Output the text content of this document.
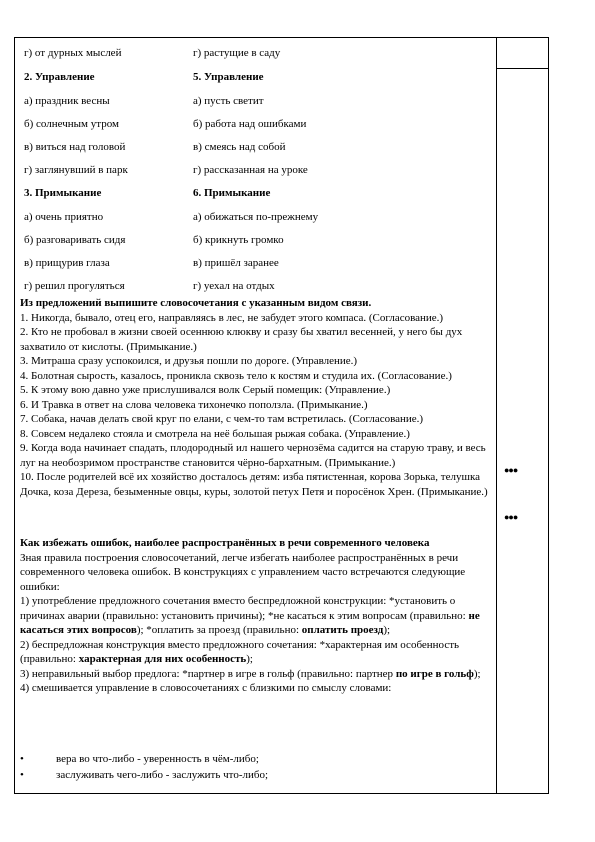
г) от дурных мыслей	г) растущие в саду
2. Управление	5. Управление
а) праздник весны	а) пусть светит
б) солнечным утром	б) работа над ошибками
в) виться над головой	в) смеясь над собой
г) заглянувший в парк	г) рассказанная на уроке
3. Примыкание	6. Примыкание
а) очень приятно	а) обижаться по-прежнему
б) разговаривать сидя	б) крикнуть громко
в) прищурив глаза	в) пришёл заранее
г) решил прогуляться	г) уехал на отдых

Из предложений выпишите словосочетания с указанным видом связи.

1. Никогда, бывало, отец его, направляясь в лес, не забудет этого компаса. (Согласование.)

2. Кто не пробовал в жизни своей осеннюю клюкву и сразу бы хватил весенней, у него бы дух захватило от кислоты. (Примыкание.)

3. Митраша сразу успокоился, и друзья пошли по дороге. (Управление.)

4. Болотная сырость, казалось, проникла сквозь тело к костям и студила их. (Согласование.)

5. К этому вою давно уже прислушивался волк Серый помещик: (Управление.)

6. И Травка в ответ на слова человека тихонечко поползла. (Примыкание.)

7. Собака, начав делать свой круг по елани, с чем-то там встретилась. (Согласование.)

8. Совсем недалеко стояла и смотрела на неё большая рыжая собака. (Управление.)

9. Когда вода начинает спадать, плодородный ил нашего чернозёма садится на старую траву, и весь луг на необозримом пространстве становится чёрно-бархатным. (Примыкание.)

10. После родителей всё их хозяйство досталось детям: изба пятистенная, корова Зорька, телушка Дочка, коза Дереза, безыменные овцы, куры, золотой петух Петя и поросёнок Хрен. (Примыкание.)

Как избежать ошибок, наиболее распространённых в речи современного человека

Зная правила построения словосочетаний, легче избегать наиболее распространённых в речи современного человека ошибок. В конструкциях с управлением часто встречаются следующие ошибки:

1) употребление предложного сочетания вместо беспредложной конструкции: *установить о причинах аварии (правильно: установить причины); *не касаться к этим вопросам (правильно: не касаться этих вопросов); *оплатить за проезд (правильно: оплатить проезд);

2) беспредложная конструкция вместо предложного сочетания: *характерная им особенность (правильно: характерная для них особенность);

3) неправильный выбор предлога: *партнер в игре в гольф (правильно: партнер по игре в гольф);

4) смешивается управление в словосочетаниях с близкими по смыслу словами:

•	вера во что-либо - уверенность в чём-либо;
•	заслуживать чего-либо - заслужить что-либо;
●●●
●●●
